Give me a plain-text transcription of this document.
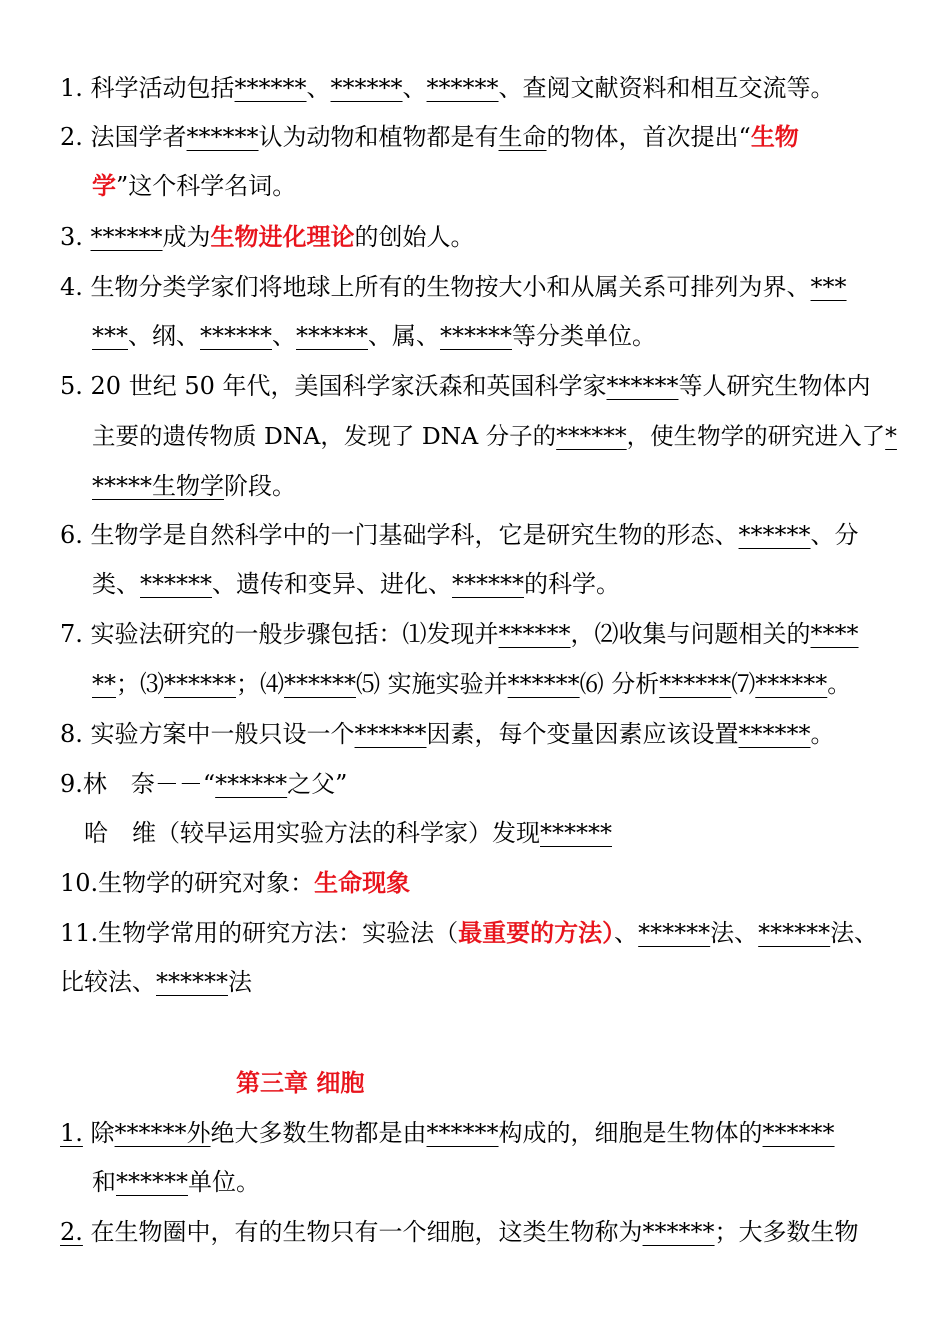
1. 科学活动包括******、******、******、查阅文献资料和相互交流等。
2. 法国学者******认为动物和植物都是有生命的物体，首次提出“生物
学”这个科学名词。
3. ******成为生物进化理论的创始人。
4. 生物分类学家们将地球上所有的生物按大小和从属关系可排列为界、***
***、纲、******、******、属、******等分类单位。
5. 20 世纪 50 年代，美国科学家沃森和英国科学家******等人研究生物体内
主要的遗传物质 DNA，发现了 DNA 分子的******，使生物学的研究进入了*
*****生物学阶段。
6. 生物学是自然科学中的一门基础学科，它是研究生物的形态、******、分
类、******、遗传和变异、进化、******的科学。
7. 实验法研究的一般步骤包括：⑴发现并******，⑵收集与问题相关的****
**；⑶******；⑷******⑸ 实施实验并******⑹ 分析******⑺******。
8. 实验方案中一般只设一个******因素，每个变量因素应该设置******。
9.林　奈－－“******之父”
哈　维（较早运用实验方法的科学家）发现******
10.生物学的研究对象：生命现象
11.生物学常用的研究方法：实验法（最重要的方法）、******法、******法、
比较法、******法
第三章 细胞
1. 除******外绝大多数生物都是由******构成的，细胞是生物体的******
和******单位。
2. 在生物圈中，有的生物只有一个细胞，这类生物称为******；大多数生物
